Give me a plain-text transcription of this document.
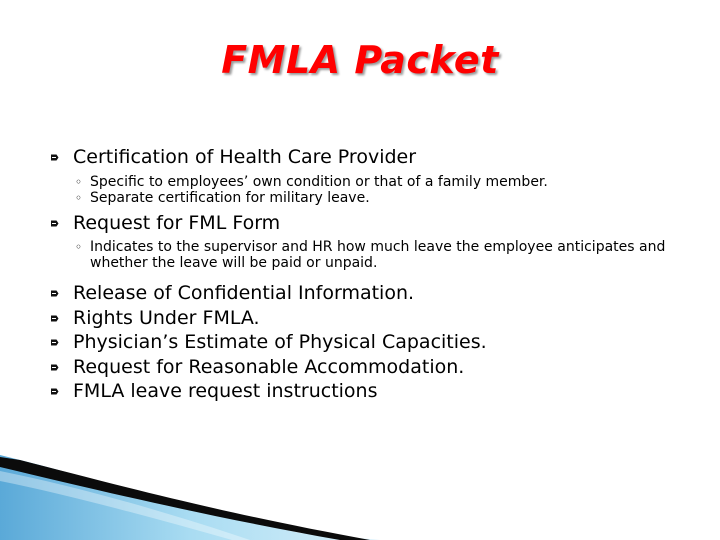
FMLA Packet
Certification of Health Care Provider
◦ Specific to employees’ own condition or that of a family member.
◦ Separate certification for military leave.
Request for FML Form
◦ Indicates to the supervisor and HR how much leave the employee anticipates and whether the leave will be paid or unpaid.
Release of Confidential Information.
Rights Under FMLA.
Physician’s Estimate of Physical Capacities.
Request for Reasonable Accommodation.
FMLA leave request instructions
